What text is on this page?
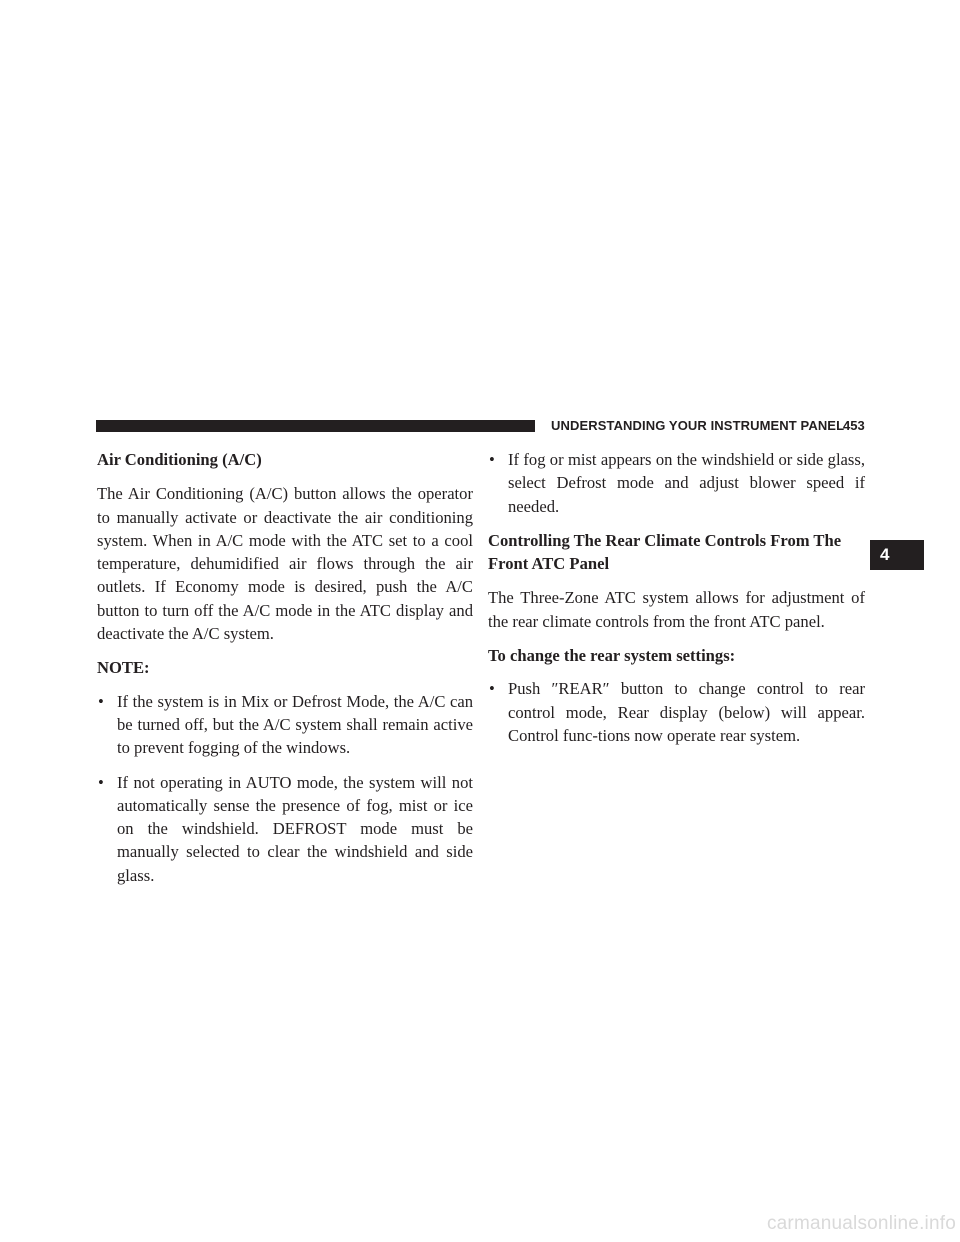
UNDERSTANDING YOUR INSTRUMENT PANEL
453
Air Conditioning (A/C)

The Air Conditioning (A/C) button allows the operator to manually activate or deactivate the air conditioning system. When in A/C mode with the ATC set to a cool temperature, dehumidified air flows through the air outlets. If Economy mode is desired, push the A/C button to turn off the A/C mode in the ATC display and deactivate the A/C system.

NOTE:

• If the system is in Mix or Defrost Mode, the A/C can be turned off, but the A/C system shall remain active to prevent fogging of the windows.
• If not operating in AUTO mode, the system will not automatically sense the presence of fog, mist or ice on the windshield. DEFROST mode must be manually selected to clear the windshield and side glass.
• If fog or mist appears on the windshield or side glass, select Defrost mode and adjust blower speed if needed.
Controlling The Rear Climate Controls From The
Front ATC Panel

The Three-Zone ATC system allows for adjustment of the rear climate controls from the front ATC panel.

To change the rear system settings:

• Push ″REAR″ button to change control to rear control mode, Rear display (below) will appear. Control func-tions now operate rear system.
4
carmanualsonline.info
